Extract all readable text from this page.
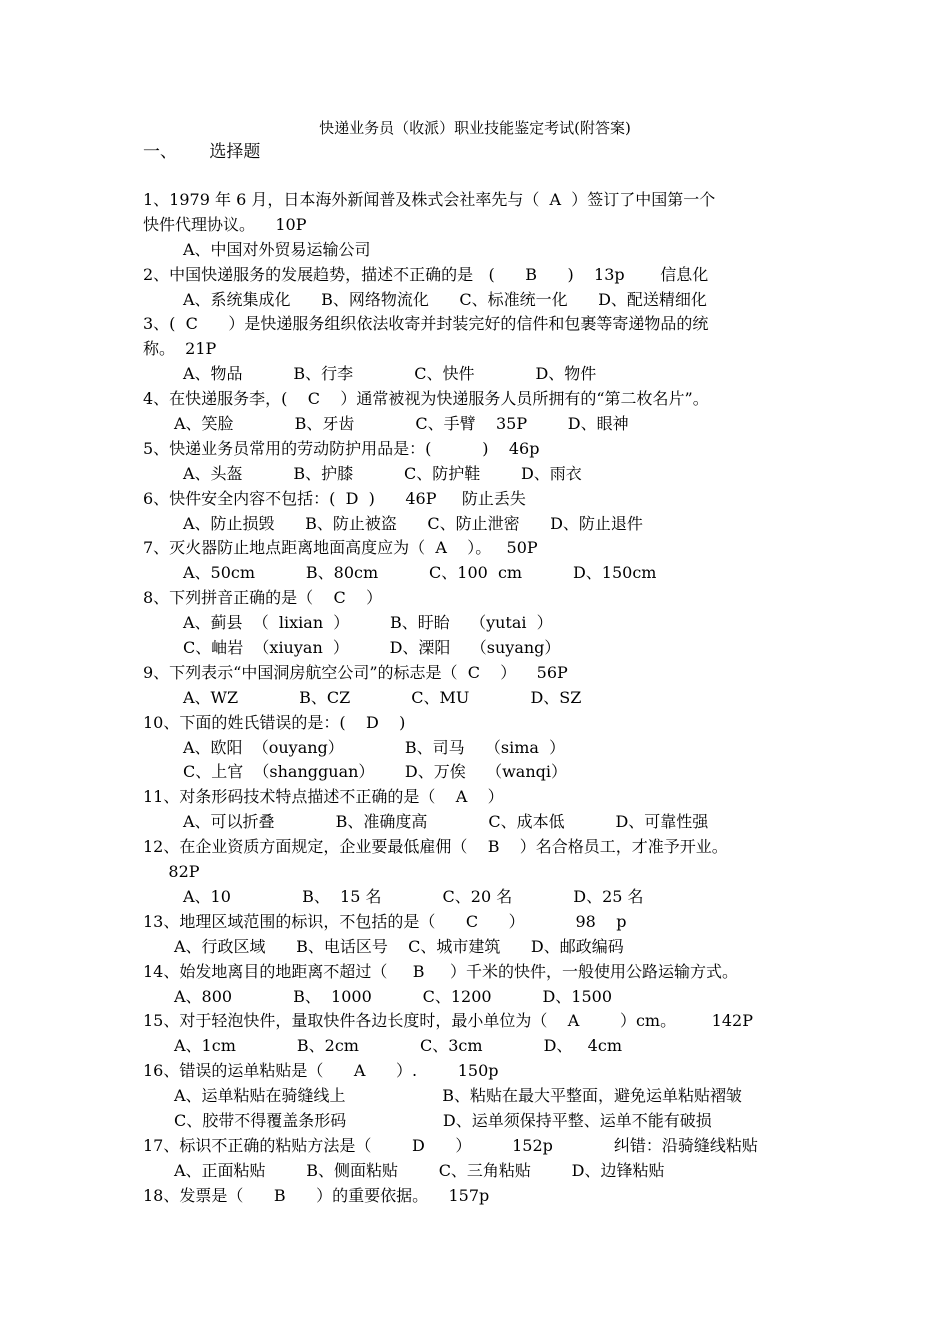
快递业务员（收派）职业技能鉴定考试(附答案)
一、      选择题
1、1979 年 6 月，日本海外新闻普及株式会社率先与（  A  ）签订了中国第一个
快件代理协议。    10P
A、中国对外贸易运输公司
2、中国快递服务的发展趋势，描述不正确的是   (      B      )    13p       信息化
A、系统集成化      B、网络物流化      C、标准统一化      D、配送精细化
3、(  C      ）是快递服务组织依法收寄并封装完好的信件和包裹等寄递物品的统
称。  21P
A、物品          B、行李            C、快件            D、物件
4、在快递服务李，(    C    ）通常被视为快递服务人员所拥有的“第二枚名片”。
A、笑脸            B、牙齿            C、手臂    35P        D、眼神
5、快递业务员常用的劳动防护用品是：(          )    46p
A、头盔          B、护膝          C、防护鞋        D、雨衣
6、快件安全内容不包括：(  D  )      46P     防止丢失
A、防止损毁      B、防止被盗      C、防止泄密      D、防止退件
7、灭火器防止地点距离地面高度应为（  A    ）。   50P
A、50cm          B、80cm          C、100  cm          D、150cm
8、下列拼音正确的是（    C    ）
A、蓟县  （  lixian  ）        B、盱眙    （yutai  ）
C、岫岩  （xiuyan  ）        D、溧阳    （suyang）
9、下列表示“中国洞房航空公司”的标志是（  C    ）    56P
A、WZ            B、CZ            C、MU            D、SZ
10、下面的姓氏错误的是：(    D    )
A、欧阳  （ouyang）            B、司马    （sima  ）
C、上官  （shangguan）      D、万俟    （wanqi）
11、对条形码技术特点描述不正确的是（    A    ）
A、可以折叠            B、准确度高            C、成本低          D、可靠性强
12、在企业资质方面规定，企业要最低雇佣（    B    ）名合格员工，才准予开业。
82P
A、10              B、  15 名            C、20 名            D、25 名
13、地理区域范围的标识，不包括的是（      C      ）          98    p
A、行政区域      B、电话区号    C、城市建筑      D、邮政编码
14、始发地离目的地距离不超过（     B     ）千米的快件，一般使用公路运输方式。
A、800            B、  1000          C、1200          D、1500
15、对于轻泡快件，量取快件各边长度时，最小单位为（    A        ）cm。       142P
A、1cm            B、2cm            C、3cm            D、   4cm
16、错误的运单粘贴是（      A      ）.        150p
A、运单粘贴在骑缝线上                   B、粘贴在最大平整面，避免运单粘贴褶皱
C、胶带不得覆盖条形码                   D、运单须保持平整、运单不能有破损
17、标识不正确的粘贴方法是（        D      ）        152p            纠错：沿骑缝线粘贴
A、正面粘贴        B、侧面粘贴        C、三角粘贴        D、边锋粘贴
18、发票是（      B      ）的重要依据。    157p
